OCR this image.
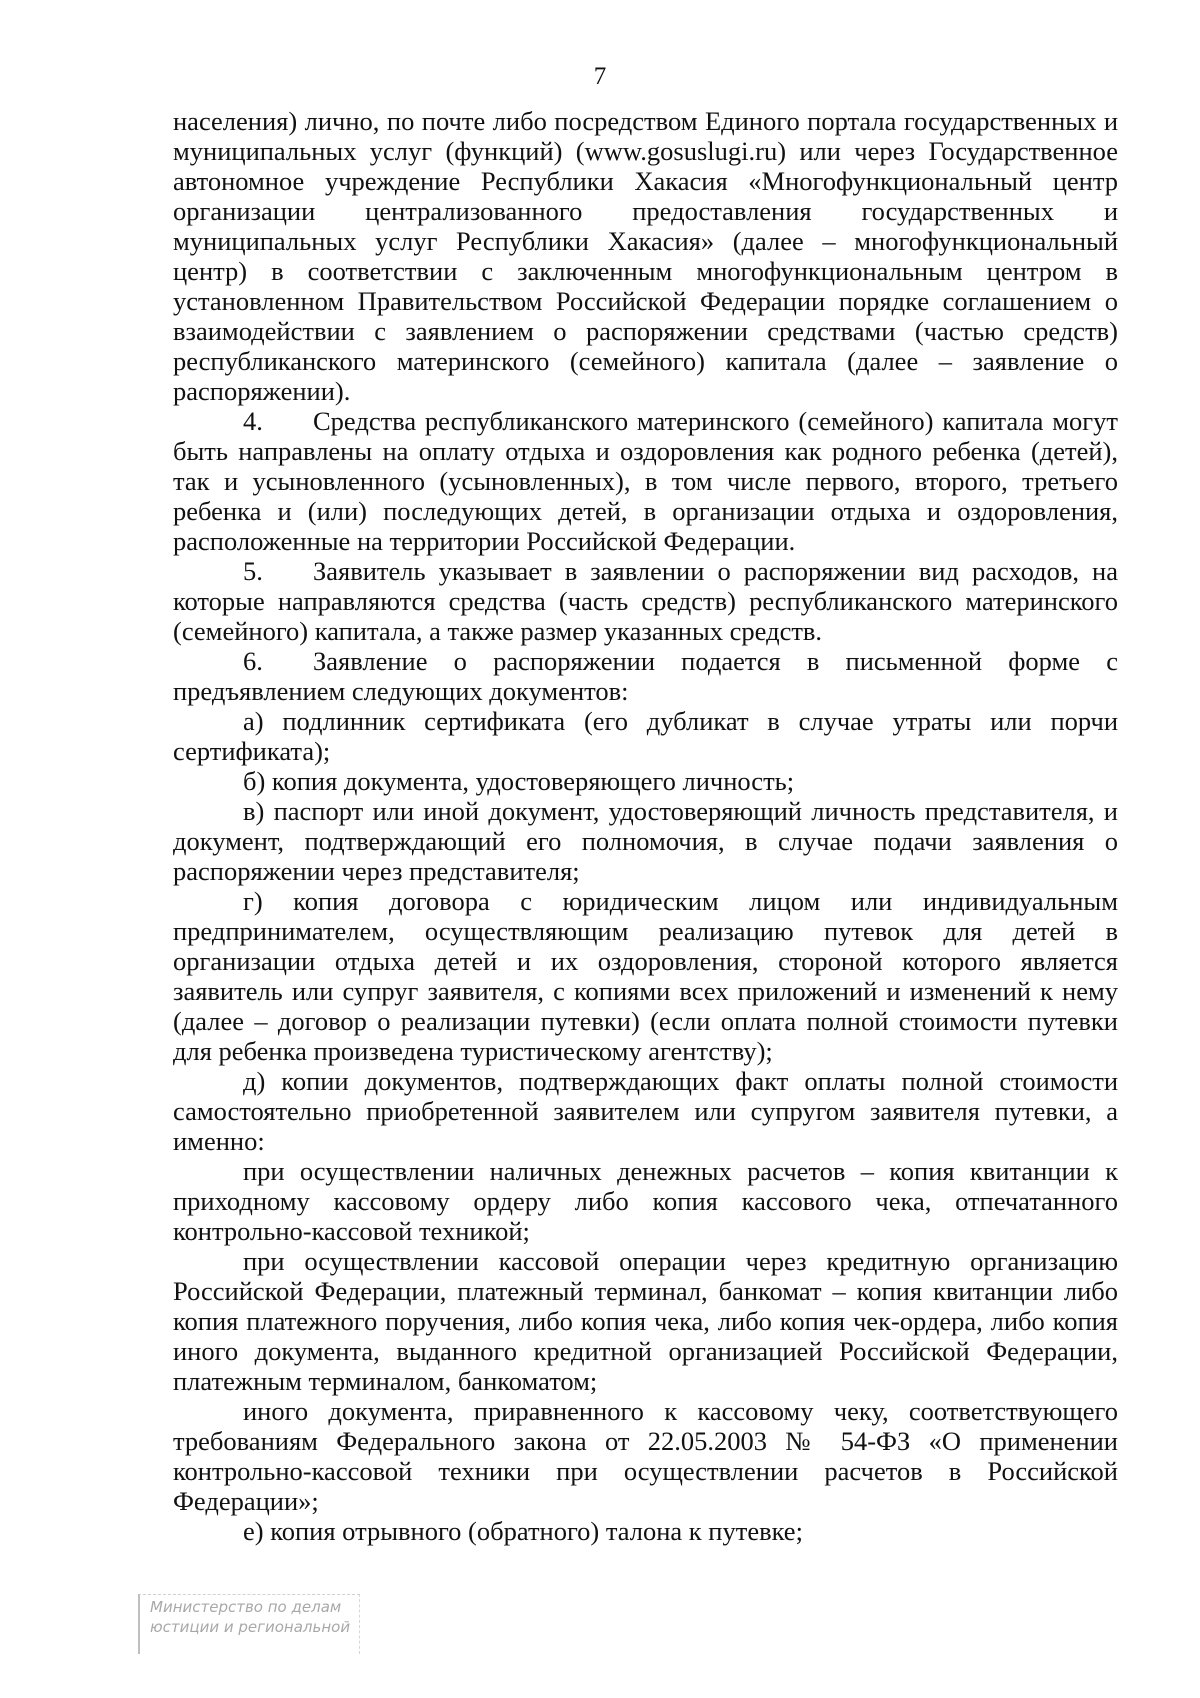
7

населения) лично, по почте либо посредством Единого портала государственных и муниципальных услуг (функций) (www.gosuslugi.ru) или через Государственное автономное учреждение Республики Хакасия «Многофункциональный центр организации централизованного предоставления государственных и муниципальных услуг Республики Хакасия» (далее – многофункциональный центр) в соответствии с заключенным многофункциональным центром в установленном Правительством Российской Федерации порядке соглашением о взаимодействии с заявлением о распоряжении средствами (частью средств) республиканского материнского (семейного) капитала (далее – заявление о распоряжении).

4. Средства республиканского материнского (семейного) капитала могут быть направлены на оплату отдыха и оздоровления как родного ребенка (детей), так и усыновленного (усыновленных), в том числе первого, второго, третьего ребенка и (или) последующих детей, в организации отдыха и оздоровления, расположенные на территории Российской Федерации.

5. Заявитель указывает в заявлении о распоряжении вид расходов, на которые направляются средства (часть средств) республиканского материнского (семейного) капитала, а также размер указанных средств.

6. Заявление о распоряжении подается в письменной форме с предъявлением следующих документов:

а) подлинник сертификата (его дубликат в случае утраты или порчи сертификата);

б) копия документа, удостоверяющего личность;

в) паспорт или иной документ, удостоверяющий личность представителя, и документ, подтверждающий его полномочия, в случае подачи заявления о распоряжении через представителя;

г) копия договора с юридическим лицом или индивидуальным предпринимателем, осуществляющим реализацию путевок для детей в организации отдыха детей и их оздоровления, стороной которого является заявитель или супруг заявителя, с копиями всех приложений и изменений к нему (далее – договор о реализации путевки) (если оплата полной стоимости путевки для ребенка произведена туристическому агентству);

д) копии документов, подтверждающих факт оплаты полной стоимости самостоятельно приобретенной заявителем или супругом заявителя путевки, а именно:

при осуществлении наличных денежных расчетов – копия квитанции к приходному кассовому ордеру либо копия кассового чека, отпечатанного контрольно-кассовой техникой;

при осуществлении кассовой операции через кредитную организацию Российской Федерации, платежный терминал, банкомат – копия квитанции либо копия платежного поручения, либо копия чека, либо копия чек-ордера, либо копия иного документа, выданного кредитной организацией Российской Федерации, платежным терминалом, банкоматом;

иного документа, приравненного к кассовому чеку, соответствующего требованиям Федерального закона от 22.05.2003 № 54-ФЗ «О применении контрольно-кассовой техники при осуществлении расчетов в Российской Федерации»;

е) копия отрывного (обратного) талона к путевке;

Министерство по делам
юстиции и региональной
